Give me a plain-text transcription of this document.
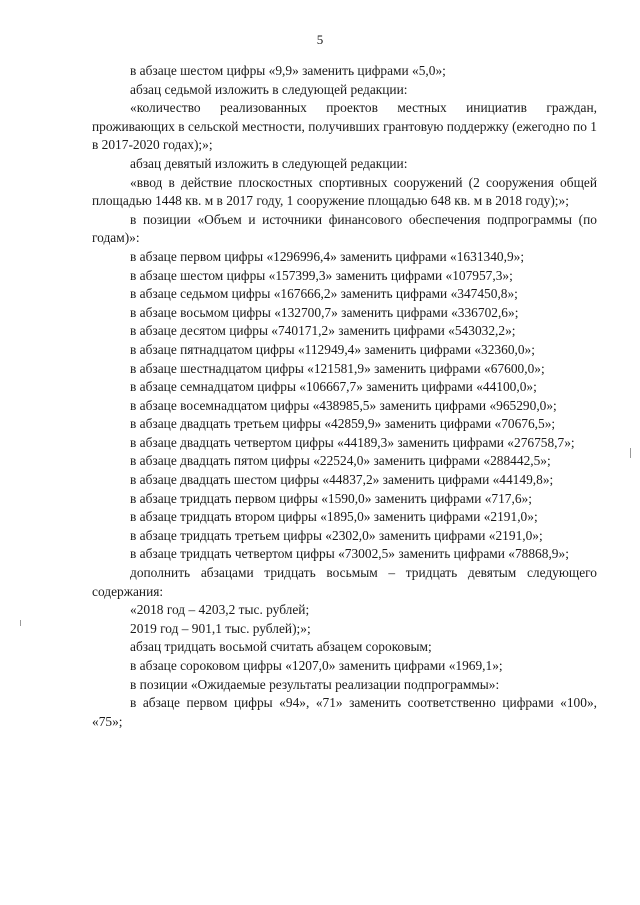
5

в абзаце шестом цифры «9,9» заменить цифрами «5,0»;

абзац седьмой изложить в следующей редакции:

«количество реализованных проектов местных инициатив граждан, проживающих в сельской местности, получивших грантовую поддержку (ежегодно по 1 в 2017-2020 годах);»;

абзац девятый изложить в следующей редакции:

«ввод в действие плоскостных спортивных сооружений (2 сооружения общей площадью 1448 кв. м в 2017 году, 1 сооружение площадью 648 кв. м в 2018 году);»;

в позиции «Объем и источники финансового обеспечения подпрограммы (по годам)»:

в абзаце первом цифры «1296996,4» заменить цифрами «1631340,9»;

в абзаце шестом цифры «157399,3» заменить цифрами «107957,3»;

в абзаце седьмом цифры «167666,2» заменить цифрами «347450,8»;

в абзаце восьмом цифры «132700,7» заменить цифрами «336702,6»;

в абзаце десятом цифры «740171,2» заменить цифрами «543032,2»;

в абзаце пятнадцатом цифры «112949,4» заменить цифрами «32360,0»;

в абзаце шестнадцатом цифры «121581,9» заменить цифрами «67600,0»;

в абзаце семнадцатом цифры «106667,7» заменить цифрами «44100,0»;

в абзаце восемнадцатом цифры «438985,5» заменить цифрами «965290,0»;

в абзаце двадцать третьем цифры «42859,9» заменить цифрами «70676,5»;

в абзаце двадцать четвертом цифры «44189,3» заменить цифрами «276758,7»;

в абзаце двадцать пятом цифры «22524,0» заменить цифрами «288442,5»;

в абзаце двадцать шестом цифры «44837,2» заменить цифрами «44149,8»;

в абзаце тридцать первом цифры «1590,0» заменить цифрами «717,6»;

в абзаце тридцать втором цифры «1895,0» заменить цифрами «2191,0»;

в абзаце тридцать третьем цифры «2302,0» заменить цифрами «2191,0»;

в абзаце тридцать четвертом цифры «73002,5» заменить цифрами «78868,9»;

дополнить абзацами тридцать восьмым – тридцать девятым следующего содержания:

«2018 год – 4203,2 тыс. рублей;

2019 год – 901,1 тыс. рублей);»;

абзац тридцать восьмой считать абзацем сороковым;

в абзаце сороковом цифры «1207,0» заменить цифрами «1969,1»;

в позиции «Ожидаемые результаты реализации подпрограммы»:

в абзаце первом цифры «94», «71» заменить соответственно цифрами «100», «75»;
